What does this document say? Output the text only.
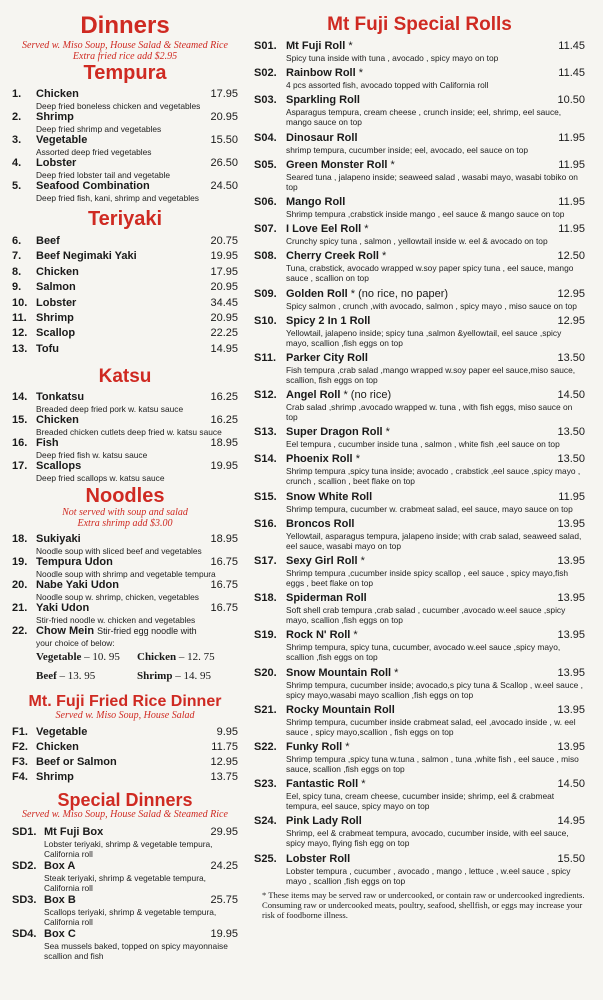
Dinners
Served w. Miso Soup, House Salad & Steamed Rice
Extra fried rice add $2.95
Tempura
1.	Chicken	17.95
Deep fried boneless chicken and vegetables
2.	Shrimp	20.95
Deep fried shrimp and vegetables
3.	Vegetable	15.50
Assorted deep fried vegetables
4.	Lobster	26.50
Deep fried lobster tail and vegetable
5.	Seafood Combination	24.50
Deep fried fish, kani, shrimp and vegetables
Teriyaki
6.	Beef	20.75
7.	Beef Negimaki Yaki	19.95
8.	Chicken	17.95
9.	Salmon	20.95
10. Lobster	34.45
11. Shrimp	20.95
12. Scallop	22.25
13. Tofu	14.95
Katsu
14. Tonkatsu	16.25
Breaded deep fried pork w. katsu sauce
15. Chicken	16.25
Breaded chicken cutlets deep fried w. katsu sauce
16. Fish	18.95
Deep fried fish w. katsu sauce
17. Scallops	19.95
Deep fried scallops w. katsu sauce
Noodles
Not served with soup and salad
Extra shrimp add $3.00
18. Sukiyaki	18.95
Noodle soup with sliced beef and vegetables
19. Tempura Udon	16.75
Noodle soup with shrimp and vegetable tempura
20. Nabe Yaki Udon	16.75
Noodle soup w. shrimp, chicken, vegetables
21. Yaki Udon	16.75
Stir-fried noodle w. chicken and vegetables
22. Chow Mein Stir-fried egg noodle with
your choice of below:
Vegetable – 10. 95	Chicken – 12. 75
Beef – 13. 95	Shrimp – 14. 95
Mt. Fuji Fried Rice Dinner
Served w. Miso Soup, House Salad
F1. Vegetable	9.95
F2. Chicken	11.75
F3. Beef or Salmon	12.95
F4. Shrimp	13.75
Special Dinners
Served w. Miso Soup, House Salad & Steamed Rice
SD1. Mt Fuji Box	29.95
Lobster teriyaki, shrimp & vegetable tempura, California roll
SD2. Box A	24.25
Steak teriyaki, shrimp & vegetable tempura, California roll
SD3. Box B	25.75
Scallops teriyaki, shrimp & vegetable tempura, California roll
SD4. Box C	19.95
Sea mussels baked, topped on spicy mayonnaise scallion and fish
Mt Fuji Special Rolls
S01. Mt Fuji Roll *	11.45
Spicy tuna inside with tuna , avocado , spicy mayo on top
S02. Rainbow Roll *	11.45
4 pcs assorted fish, avocado topped with California roll
S03. Sparkling Roll	10.50
Asparagus tempura, cream cheese , crunch inside; eel, shrimp, eel sauce, mango sauce on top
S04. Dinosaur Roll	11.95
shrimp tempura, cucumber inside; eel, avocado, eel sauce on top
S05. Green Monster Roll *	11.95
Seared tuna , jalapeno inside; seaweed salad , wasabi mayo, wasabi tobiko on top
S06. Mango Roll	11.95
Shrimp tempura ,crabstick inside mango , eel sauce & mango sauce on top
S07. I Love Eel Roll *	11.95
Crunchy spicy tuna , salmon , yellowtail inside w. eel & avocado on top
S08. Cherry Creek Roll *	12.50
Tuna, crabstick, avocado wrapped w.soy paper spicy tuna , eel sauce, mango sauce , scallion on top
S09. Golden Roll * (no rice, no paper)	12.95
Spicy salmon , crunch ,with avocado, salmon , spicy mayo , miso sauce on top
S10. Spicy 2 In 1 Roll	12.95
Yellowtail, jalapeno inside; spicy tuna ,salmon &yellowtail, eel sauce ,spicy mayo, scallion ,fish eggs on top
S11. Parker City Roll	13.50
Fish tempura ,crab salad ,mango wrapped w.soy paper eel sauce,miso sauce, scallion, fish eggs on top
S12. Angel Roll * (no rice)	14.50
Crab salad ,shrimp ,avocado wrapped w. tuna , with fish eggs, miso sauce on top
S13. Super Dragon Roll *	13.50
Eel tempura , cucumber inside tuna , salmon , white fish ,eel sauce on top
S14. Phoenix Roll *	13.50
Shrimp tempura ,spicy tuna inside; avocado , crabstick ,eel sauce ,spicy mayo , crunch , scallion , beet flake on top
S15. Snow White Roll	11.95
Shrimp tempura, cucumber w. crabmeat salad, eel sauce, mayo sauce on top
S16. Broncos Roll	13.95
Yellowtail, asparagus tempura, jalapeno inside; with crab salad, seaweed salad, eel sauce, wasabi mayo on top
S17. Sexy Girl Roll *	13.95
Shrimp tempura ,cucumber inside spicy scallop , eel sauce , spicy mayo,fish eggs , beet flake on top
S18. Spiderman Roll	13.95
Soft shell crab tempura ,crab salad , cucumber ,avocado w.eel sauce ,spicy mayo, scallion ,fish eggs on top
S19. Rock N' Roll *	13.95
Shrimp tempura, spicy tuna, cucumber, avocado w.eel sauce ,spicy mayo, scallion ,fish eggs on top
S20. Snow Mountain Roll *	13.95
Shrimp tempura, cucumber inside; avocado,s picy tuna & Scallop , w.eel sauce , spicy mayo,wasabi mayo scallion ,fish eggs on top
S21. Rocky Mountain Roll	13.95
Shrimp tempura, cucumber inside crabmeat salad, eel ,avocado inside , w. eel sauce , spicy mayo,scallion , fish eggs on top
S22. Funky Roll *	13.95
Shrimp tempura ,spicy tuna w.tuna , salmon , tuna ,white fish , eel sauce , miso sauce, scallion ,fish eggs on top
S23. Fantastic Roll *	14.50
Eel, spicy tuna, cream cheese, cucumber inside; shrimp, eel & crabmeat tempura, eel sauce, spicy mayo on top
S24. Pink Lady Roll	14.95
Shrimp, eel & crabmeat tempura, avocado, cucumber inside, with eel sauce, spicy mayo, flying fish egg on top
S25. Lobster Roll	15.50
Lobster tempura , cucumber , avocado , mango , lettuce , w.eel sauce , spicy mayo , scallion ,fish eggs on top
* These items may be served raw or undercooked, or contain raw or undercooked ingredients. Consuming raw or undercooked meats, poultry, seafood, shellfish, or eggs may increase your risk of foodborne illness.
